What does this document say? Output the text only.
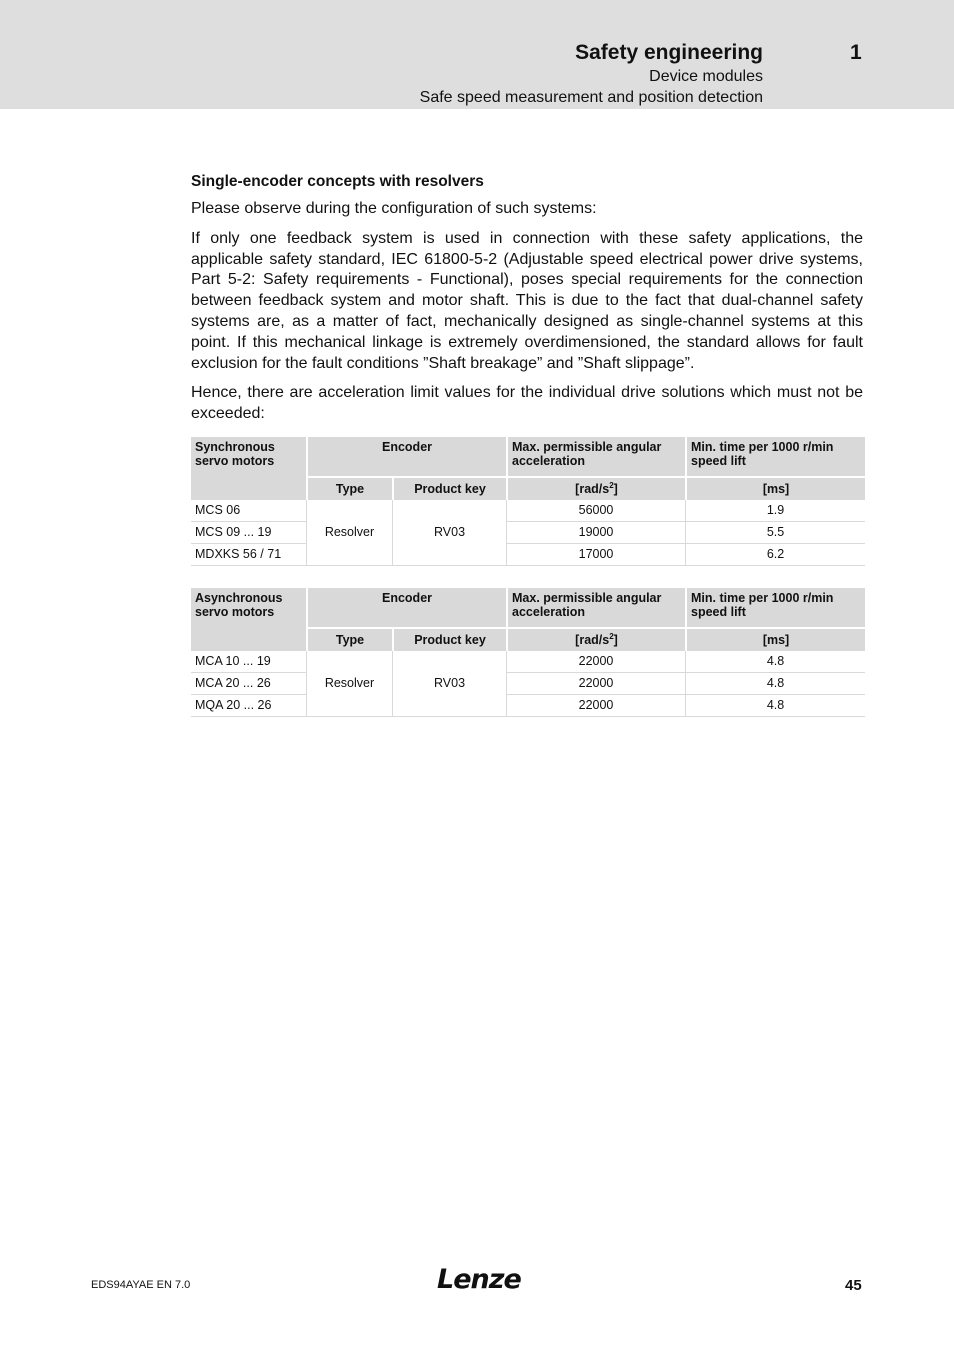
Safety engineering	1
Device modules
Safe speed measurement and position detection
Single-encoder concepts with resolvers

Please observe during the configuration of such systems:

If only one feedback system is used in connection with these safety applications, the applicable safety standard, IEC 61800-5-2 (Adjustable speed electrical power drive systems, Part 5-2: Safety requirements - Functional), poses special requirements for the connection between feedback system and motor shaft. This is due to the fact that dual-channel safety systems are, as a matter of fact, mechanically designed as single-channel systems at this point. If this mechanical linkage is extremely overdimensioned, the standard allows for fault exclusion for the fault conditions ”Shaft breakage” and ”Shaft slippage”.

Hence, there are acceleration limit values for the individual drive solutions which must not be exceeded:

Synchronous servo motors	Encoder		Max. permissible angular acceleration	Min. time per 1000 r/min speed lift
	Type	Product key	$[rad/s^2]$	[ms]
MCS 06	Resolver	RV03	56000	1.9
MCS 09 ... 19			19000	5.5
MDXKS 56 / 71			17000	6.2
Asynchronous servo motors	Encoder		Max. permissible angular acceleration	Min. time per 1000 r/min speed lift
	Type	Product key	$[rad/s^2]$	[ms]
MCA 10 ... 19	Resolver	RV03	22000	4.8
MCA 20 ... 26			22000	4.8
MQA 20 ... 26			22000	4.8
EDS94AYAE EN 7.0	Lenze	45
